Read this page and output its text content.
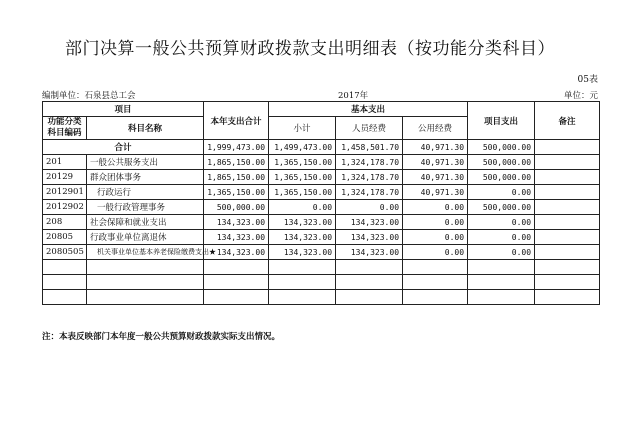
部门决算一般公共预算财政拨款支出明细表（按功能分类科目）
05表
编制单位：石泉县总工会	2017年	单位：元
项目		本年支出合计	基本支出			项目支出	备注
功能分类科目编码	科目名称		小计	人员经费	公用经费		

合计		1,999,473.00	1,499,473.00	1,458,501.70	40,971.30	500,000.00	
201	一般公共服务支出	1,865,150.00	1,365,150.00	1,324,178.70	40,971.30	500,000.00	
20129	群众团体事务	1,865,150.00	1,365,150.00	1,324,178.70	40,971.30	500,000.00	
2012901	行政运行	1,365,150.00	1,365,150.00	1,324,178.70	40,971.30	0.00	
2012902	一般行政管理事务	500,000.00	0.00	0.00	0.00	500,000.00	
208	社会保障和就业支出	134,323.00	134,323.00	134,323.00	0.00	0.00	
20805	行政事业单位离退休	134,323.00	134,323.00	134,323.00	0.00	0.00	
2080505	机关事业单位基本养老保险缴费支出★	134,323.00	134,323.00	134,323.00	0.00	0.00	

注：本表反映部门本年度一般公共预算财政拨款实际支出情况。
